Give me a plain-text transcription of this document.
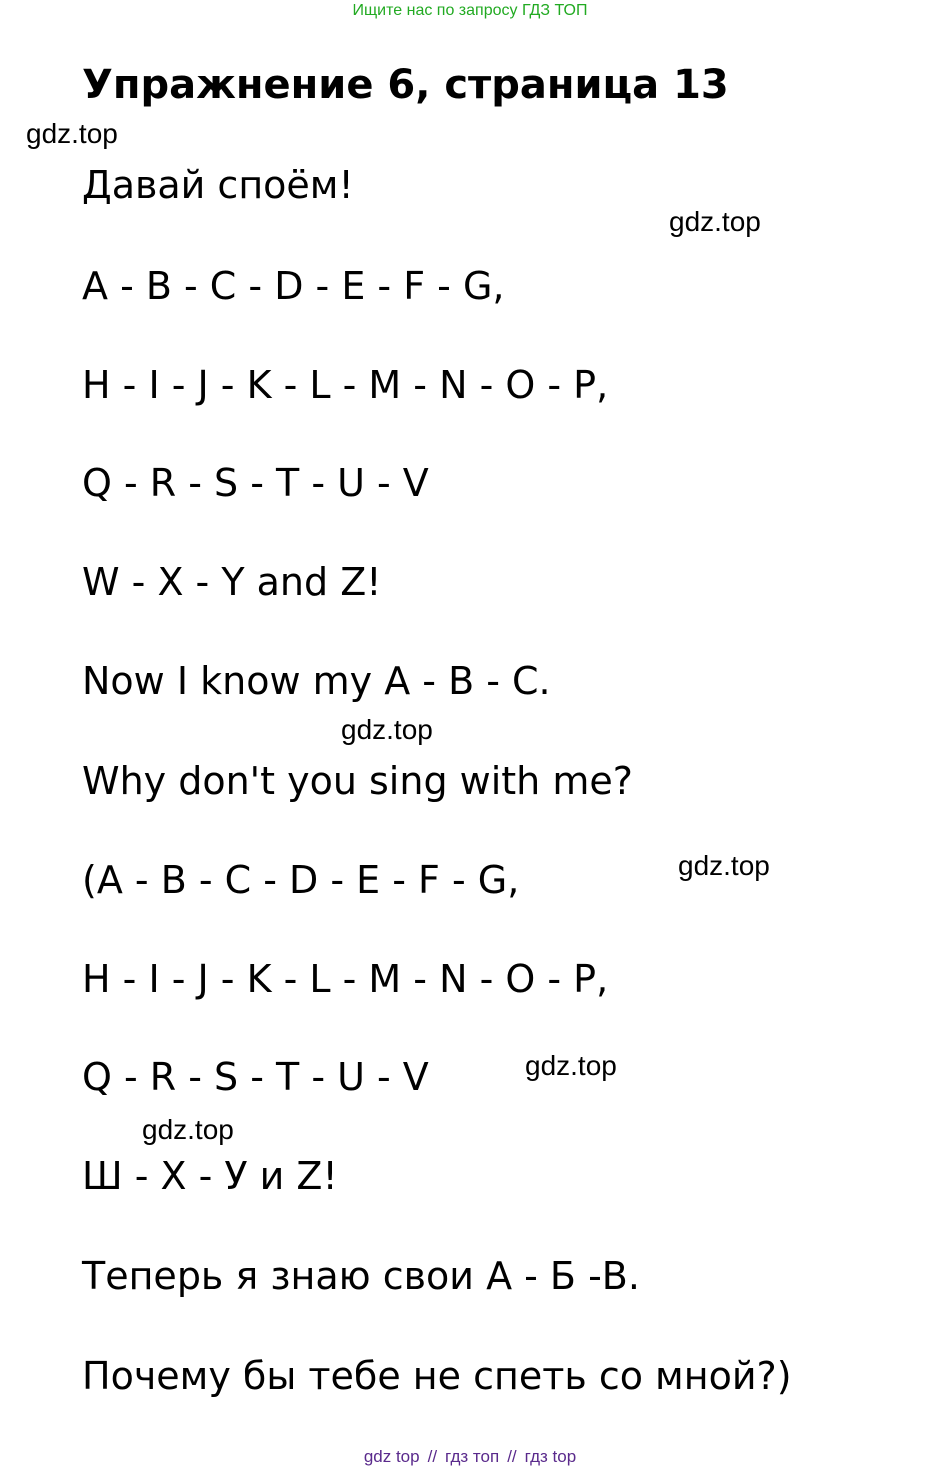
Ищите нас по запросу ГДЗ ТОП
Упражнение 6, страница 13
Давай споём!
A - B - C - D - E - F - G,
H - I - J - K - L - M - N - O - P,
Q - R - S - T - U - V
W - X - Y and Z!
Now I know my A - B - C.
Why don't you sing with me?
(A - B - C - D - E - F - G,
H - I - J - K - L - M - N - O - P,
Q - R - S - T - U - V
Ш - Х - У и Z!
Теперь я знаю свои А - Б -В.
Почему бы тебе не спеть со мной?)
gdz.top
gdz.top
gdz.top
gdz.top
gdz.top
gdz.top
gdz top // гдз топ // гдз top
